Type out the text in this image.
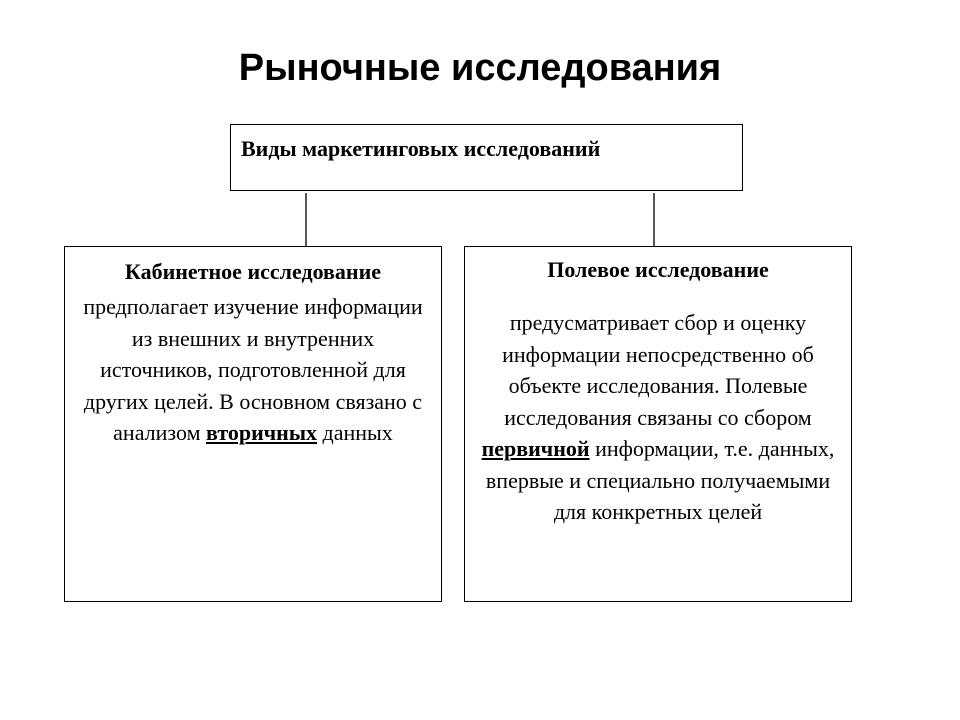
Рыночные исследования
Виды маркетинговых исследований
Кабинетное исследование
предполагает изучение информации из внешних и внутренних источников, подготовленной для других целей. В основном связано с анализом вторичных данных
Полевое исследование
предусматривает сбор и оценку информации непосредственно об объекте исследования. Полевые исследования связаны со сбором первичной информации, т.е. данных, впервые и специально получаемыми для конкретных целей
